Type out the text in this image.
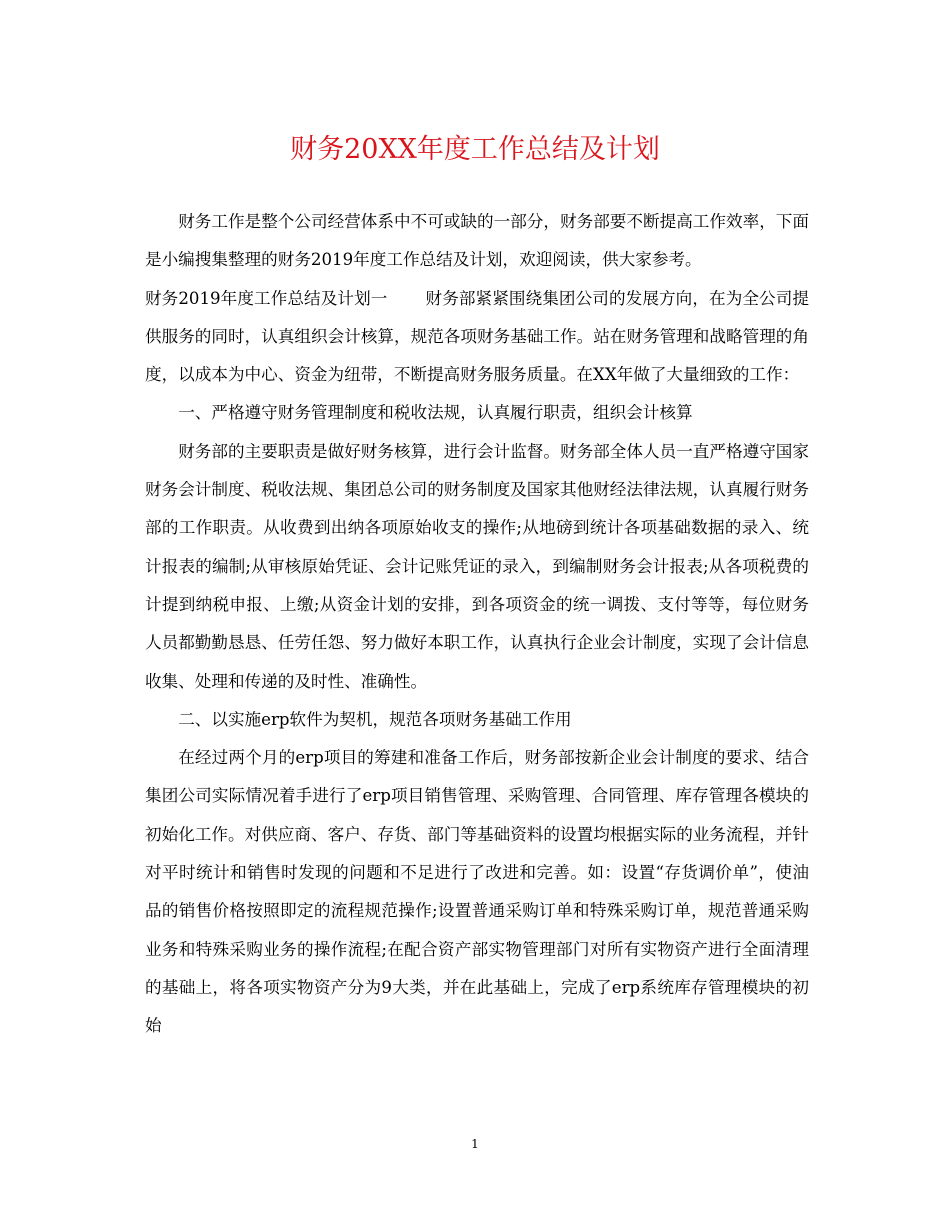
财务20XX年度工作总结及计划

财务工作是整个公司经营体系中不可或缺的一部分，财务部要不断提高工作效率，下面是小编搜集整理的财务2019年度工作总结及计划，欢迎阅读，供大家参考。

财务2019年度工作总结及计划一 财务部紧紧围绕集团公司的发展方向，在为全公司提供服务的同时，认真组织会计核算，规范各项财务基础工作。站在财务管理和战略管理的角度，以成本为中心、资金为纽带，不断提高财务服务质量。在XX年做了大量细致的工作：

一、严格遵守财务管理制度和税收法规，认真履行职责，组织会计核算

财务部的主要职责是做好财务核算，进行会计监督。财务部全体人员一直严格遵守国家财务会计制度、税收法规、集团总公司的财务制度及国家其他财经法律法规，认真履行财务部的工作职责。从收费到出纳各项原始收支的操作;从地磅到统计各项基础数据的录入、统计报表的编制;从审核原始凭证、会计记账凭证的录入，到编制财务会计报表;从各项税费的计提到纳税申报、上缴;从资金计划的安排，到各项资金的统一调拨、支付等等，每位财务人员都勤勤恳恳、任劳任怨、努力做好本职工作，认真执行企业会计制度，实现了会计信息收集、处理和传递的及时性、准确性。

二、以实施erp软件为契机，规范各项财务基础工作用

在经过两个月的erp项目的筹建和准备工作后，财务部按新企业会计制度的要求、结合集团公司实际情况着手进行了erp项目销售管理、采购管理、合同管理、库存管理各模块的初始化工作。对供应商、客户、存货、部门等基础资料的设置均根据实际的业务流程，并针对平时统计和销售时发现的问题和不足进行了改进和完善。如：设置“存货调价单”，使油品的销售价格按照即定的流程规范操作;设置普通采购订单和特殊采购订单，规范普通采购业务和特殊采购业务的操作流程;在配合资产部实物管理部门对所有实物资产进行全面清理的基础上，将各项实物资产分为9大类，并在此基础上，完成了erp系统库存管理模块的初始

1
